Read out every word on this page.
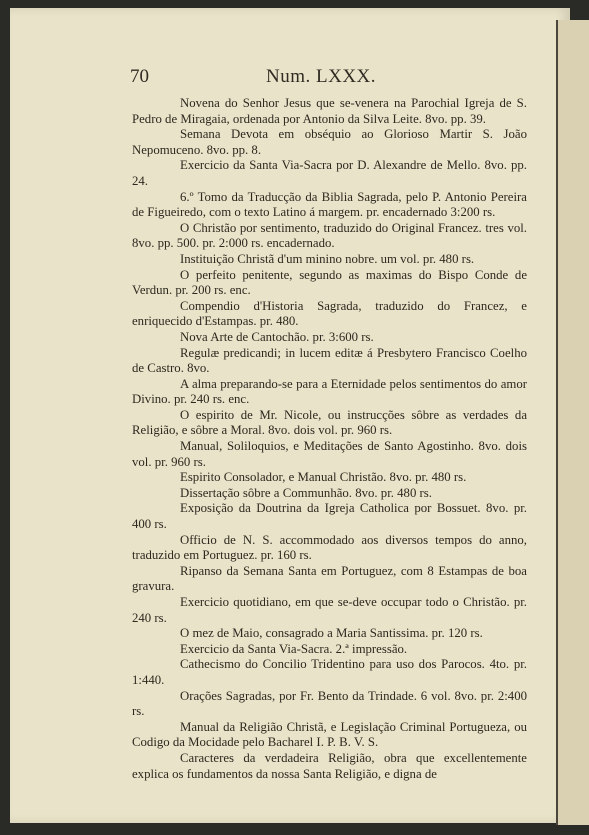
70	Num. LXXX.

Novena do Senhor Jesus que se-venera na Parochial Igreja de S. Pedro de Miragaia, ordenada por Antonio da Silva Leite. 8vo. pp. 39.

Semana Devota em obséquio ao Glorioso Martir S. João Nepomuceno. 8vo. pp. 8.

Exercicio da Santa Via-Sacra por D. Alexandre de Mello. 8vo. pp. 24.

6.º Tomo da Traducção da Biblia Sagrada, pelo P. Antonio Pereira de Figueiredo, com o texto Latino á margem. pr. encadernado 3:200 rs.

O Christão por sentimento, traduzido do Original Francez. tres vol. 8vo. pp. 500. pr. 2:000 rs. encadernado.

Instituição Christã d'um minino nobre. um vol. pr. 480 rs.

O perfeito penitente, segundo as maximas do Bispo Conde de Verdun. pr. 200 rs. enc.

Compendio d'Historia Sagrada, traduzido do Francez, e enriquecido d'Estampas. pr. 480.

Nova Arte de Cantochão. pr. 3:600 rs.

Regulæ predicandi; in lucem editæ á Presbytero Francisco Coelho de Castro. 8vo.

A alma preparando-se para a Eternidade pelos sentimentos do amor Divino. pr. 240 rs. enc.

O espirito de Mr. Nicole, ou instrucções sôbre as verdades da Religião, e sôbre a Moral. 8vo. dois vol. pr. 960 rs.

Manual, Soliloquios, e Meditações de Santo Agostinho. 8vo. dois vol. pr. 960 rs.

Espirito Consolador, e Manual Christão. 8vo. pr. 480 rs.

Dissertação sôbre a Communhão. 8vo. pr. 480 rs.

Exposição da Doutrina da Igreja Catholica por Bossuet. 8vo. pr. 400 rs.

Officio de N. S. accommodado aos diversos tempos do anno, traduzido em Portuguez. pr. 160 rs.

Ripanso da Semana Santa em Portuguez, com 8 Estampas de boa gravura.

Exercicio quotidiano, em que se-deve occupar todo o Christão. pr. 240 rs.

O mez de Maio, consagrado a Maria Santissima. pr. 120 rs.

Exercicio da Santa Via-Sacra. 2.ª impressão.

Cathecismo do Concilio Tridentino para uso dos Parocos. 4to. pr. 1:440.

Orações Sagradas, por Fr. Bento da Trindade. 6 vol. 8vo. pr. 2:400 rs.

Manual da Religião Christã, e Legislação Criminal Portugueza, ou Codigo da Mocidade pelo Bacharel I. P. B. V. S.

Caracteres da verdadeira Religião, obra que excellentemente explica os fundamentos da nossa Santa Religião, e digna de
